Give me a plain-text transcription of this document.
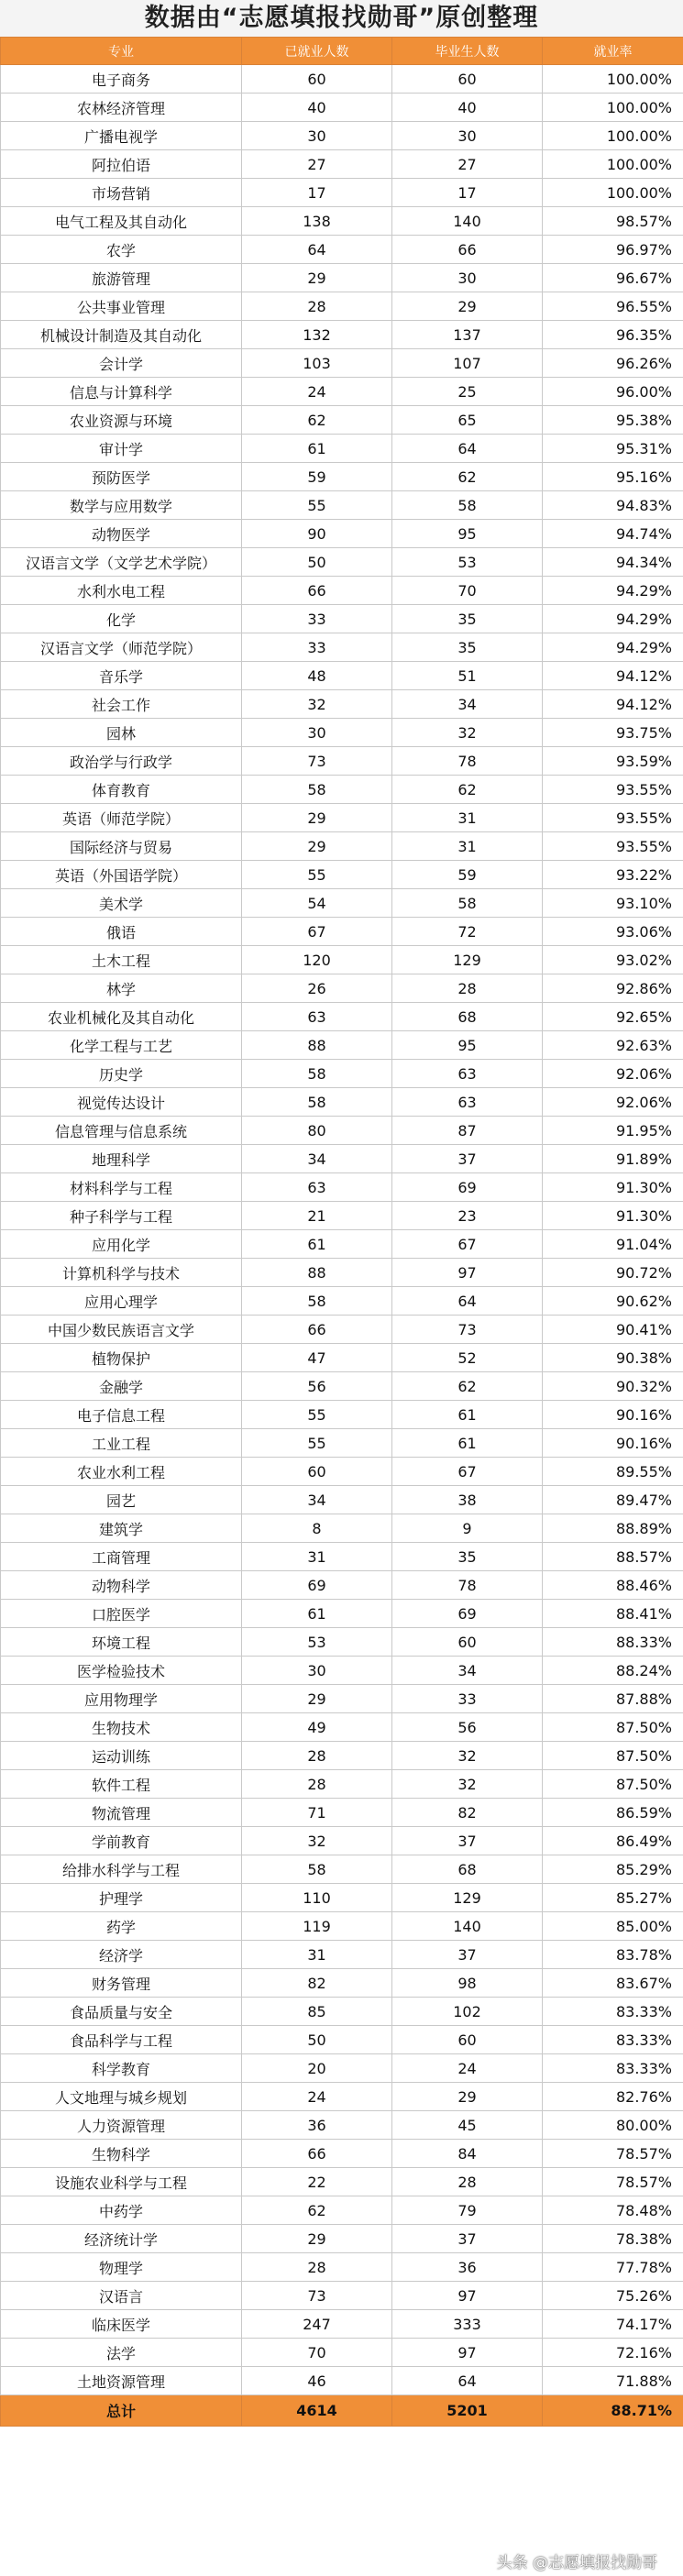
数据由“志愿填报找勋哥”原创整理
专业	已就业人数	毕业生人数	就业率
电子商务	60	60	100.00%
农林经济管理	40	40	100.00%
广播电视学	30	30	100.00%
阿拉伯语	27	27	100.00%
市场营销	17	17	100.00%
电气工程及其自动化	138	140	98.57%
农学	64	66	96.97%
旅游管理	29	30	96.67%
公共事业管理	28	29	96.55%
机械设计制造及其自动化	132	137	96.35%
会计学	103	107	96.26%
信息与计算科学	24	25	96.00%
农业资源与环境	62	65	95.38%
审计学	61	64	95.31%
预防医学	59	62	95.16%
数学与应用数学	55	58	94.83%
动物医学	90	95	94.74%
汉语言文学（文学艺术学院）	50	53	94.34%
水利水电工程	66	70	94.29%
化学	33	35	94.29%
汉语言文学（师范学院）	33	35	94.29%
音乐学	48	51	94.12%
社会工作	32	34	94.12%
园林	30	32	93.75%
政治学与行政学	73	78	93.59%
体育教育	58	62	93.55%
英语（师范学院）	29	31	93.55%
国际经济与贸易	29	31	93.55%
英语（外国语学院）	55	59	93.22%
美术学	54	58	93.10%
俄语	67	72	93.06%
土木工程	120	129	93.02%
林学	26	28	92.86%
农业机械化及其自动化	63	68	92.65%
化学工程与工艺	88	95	92.63%
历史学	58	63	92.06%
视觉传达设计	58	63	92.06%
信息管理与信息系统	80	87	91.95%
地理科学	34	37	91.89%
材料科学与工程	63	69	91.30%
种子科学与工程	21	23	91.30%
应用化学	61	67	91.04%
计算机科学与技术	88	97	90.72%
应用心理学	58	64	90.62%
中国少数民族语言文学	66	73	90.41%
植物保护	47	52	90.38%
金融学	56	62	90.32%
电子信息工程	55	61	90.16%
工业工程	55	61	90.16%
农业水利工程	60	67	89.55%
园艺	34	38	89.47%
建筑学	8	9	88.89%
工商管理	31	35	88.57%
动物科学	69	78	88.46%
口腔医学	61	69	88.41%
环境工程	53	60	88.33%
医学检验技术	30	34	88.24%
应用物理学	29	33	87.88%
生物技术	49	56	87.50%
运动训练	28	32	87.50%
软件工程	28	32	87.50%
物流管理	71	82	86.59%
学前教育	32	37	86.49%
给排水科学与工程	58	68	85.29%
护理学	110	129	85.27%
药学	119	140	85.00%
经济学	31	37	83.78%
财务管理	82	98	83.67%
食品质量与安全	85	102	83.33%
食品科学与工程	50	60	83.33%
科学教育	20	24	83.33%
人文地理与城乡规划	24	29	82.76%
人力资源管理	36	45	80.00%
生物科学	66	84	78.57%
设施农业科学与工程	22	28	78.57%
中药学	62	79	78.48%
经济统计学	29	37	78.38%
物理学	28	36	77.78%
汉语言	73	97	75.26%
临床医学	247	333	74.17%
法学	70	97	72.16%
土地资源管理	46	64	71.88%
总计	4614	5201	88.71%
头条 @志愿填报找勋哥
